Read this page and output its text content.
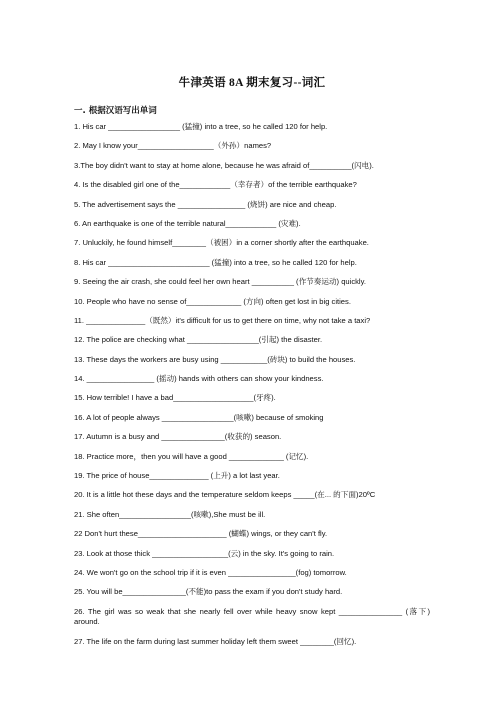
牛津英语 8A 期末复习--词汇
一. 根据汉语写出单词
1. His car _________________ (猛撞) into a tree, so he called 120 for help.
2. May I know your__________________（外孙）names?
3.The boy didn't want to stay at home alone, because he was afraid of__________(闪电).
4. Is the disabled girl one of the____________（幸存者）of the terrible earthquake?
5. The advertisement says the ________________ (烧饼) are nice and cheap.
6. An earthquake is one of the terrible natural____________ (灾难).
7. Unluckily, he found himself________（被困）in a corner shortly after the earthquake.
8. His car ________________________ (猛撞) into a tree, so he called 120 for help.
9. Seeing the air crash, she could feel her own heart __________ (作节奏运动) quickly.
10. People who have no sense of_____________ (方向) often get lost in big cities.
11. ______________（既然）it's difficult for us to get there on time, why not take a taxi?
12. The police are checking what _________________(引起) the disaster.
13. These days the workers are busy using ___________(砖块) to build the houses.
14. ________________ (摇动) hands with others can show your kindness.
15. How terrible! I have a bad___________________(牙疼).
16. A lot of people always _________________(咳嗽) because of smoking
17. Autumn is a busy and _______________(收获的) season.
18. Practice more，then you will have a good _____________ (记忆).
19. The price of house______________ (上升) a lot last year.
20. It is a little hot these days and the temperature seldom keeps _____(在... 的下面)20ºC
21. She often_________________(咳嗽),She must be ill.
22 Don't hurt these_____________________ (蝴蝶) wings, or they can't fly.
23. Look at those thick __________________(云) in the sky. It's going to rain.
24. We won't go on the school trip if it is even ________________(fog) tomorrow.
25. You will be_______________(不能)to pass the exam if you don't study hard.
26. The girl was so weak that she nearly fell over while heavy snow kept _______________ (落下) around.
27. The life on the farm during last summer holiday left them sweet ________(回忆).
